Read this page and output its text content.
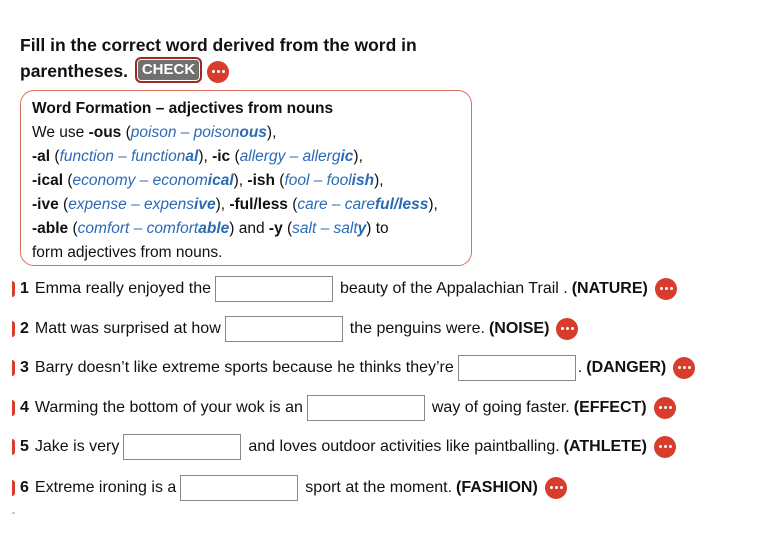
Fill in the correct word derived from the word in parentheses. CHECK
Word Formation – adjectives from nouns
We use -ous (poison – poisonous),
-al (function – functional), -ic (allergy – allergic),
-ical (economy – economical), -ish (fool – foolish),
-ive (expense – expensive), -ful/less (care – careful/less),
-able (comfort – comfortable) and -y (salt – salty) to
form adjectives from nouns.
1 Emma really enjoyed the	beauty of the Appalachian Trail . (NATURE)
2 Matt was surprised at how	the penguins were. (NOISE)
3 Barry doesn’t like extreme sports because he thinks they’re	. (DANGER)
4 Warming the bottom of your wok is an	way of going faster. (EFFECT)
5 Jake is very	and loves outdoor activities like paintballing. (ATHLETE)
6 Extreme ironing is a	sport at the moment. (FASHION)
